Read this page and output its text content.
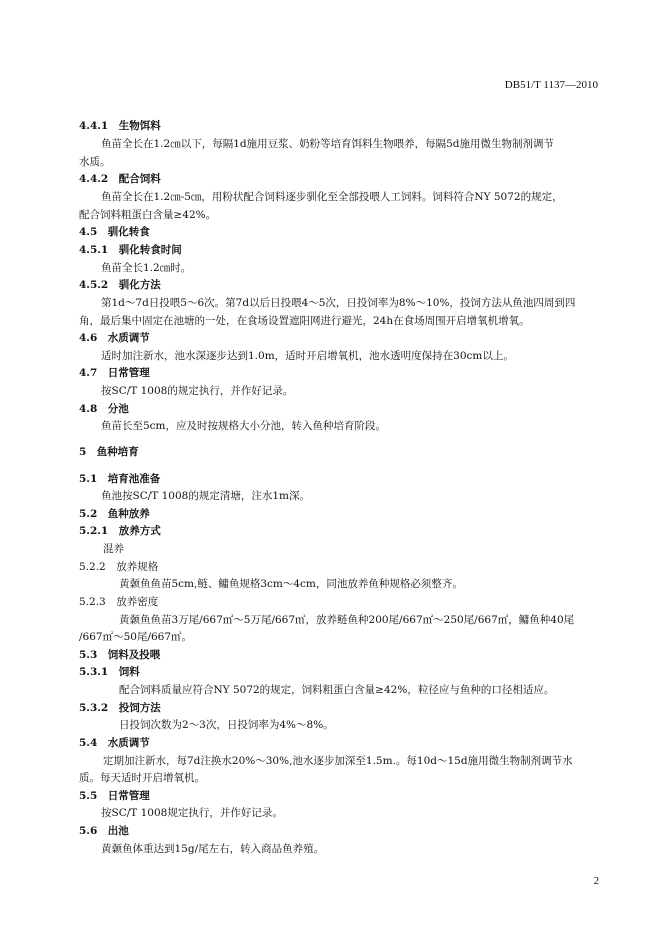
DB51/T 1137—2010
4.4.1　生物饵料
鱼苗全长在1.2㎝以下，每隔1d施用豆浆、奶粉等培育饵料生物喂养，每隔5d施用微生物制剂调节
水质。
4.4.2　配合饲料
鱼苗全长在1.2㎝-5㎝，用粉状配合饲料逐步驯化至全部投喂人工饲料。饲料符合NY 5072的规定，
配合饲料粗蛋白含量≥42%。
4.5　驯化转食
4.5.1　驯化转食时间
鱼苗全长1.2㎝时。
4.5.2　驯化方法
第1d～7d日投喂5～6次。第7d以后日投喂4～5次，日投饲率为8%～10%，投饲方法从鱼池四周到四
角，最后集中固定在池塘的一处，在食场设置遮阳网进行避光，24h在食场周围开启增氧机增氧。
4.6　水质调节
适时加注新水，池水深逐步达到1.0m，适时开启增氧机，池水透明度保持在30cm以上。
4.7　日常管理
按SC/T 1008的规定执行，并作好记录。
4.8　分池
鱼苗长至5cm，应及时按规格大小分池，转入鱼种培育阶段。
5　鱼种培育
5.1　培育池准备
鱼池按SC/T 1008的规定清塘，注水1m深。
5.2　鱼种放养
5.2.1　放养方式
混养
5.2.2　放养规格
黄颡鱼鱼苗5cm,鲢、鳙鱼规格3cm～4cm，同池放养鱼种规格必须整齐。
5.2.3　放养密度
黄颡鱼鱼苗3万尾/667㎡～5万尾/667㎡，放养鲢鱼种200尾/667㎡～250尾/667㎡，鳙鱼种40尾
/667㎡～50尾/667㎡。
5.3　饲料及投喂
5.3.1　饲料
配合饲料质量应符合NY 5072的规定，饲料粗蛋白含量≥42%，粒径应与鱼种的口径相适应。
5.3.2　投饲方法
日投饲次数为2～3次，日投饲率为4%～8%。
5.4　水质调节
定期加注新水，每7d注换水20%～30%,池水逐步加深至1.5m.。每10d～15d施用微生物制剂调节水
质。每天适时开启增氧机。
5.5　日常管理
按SC/T 1008规定执行，并作好记录。
5.6　出池
黄颡鱼体重达到15g/尾左右，转入商品鱼养殖。
2
